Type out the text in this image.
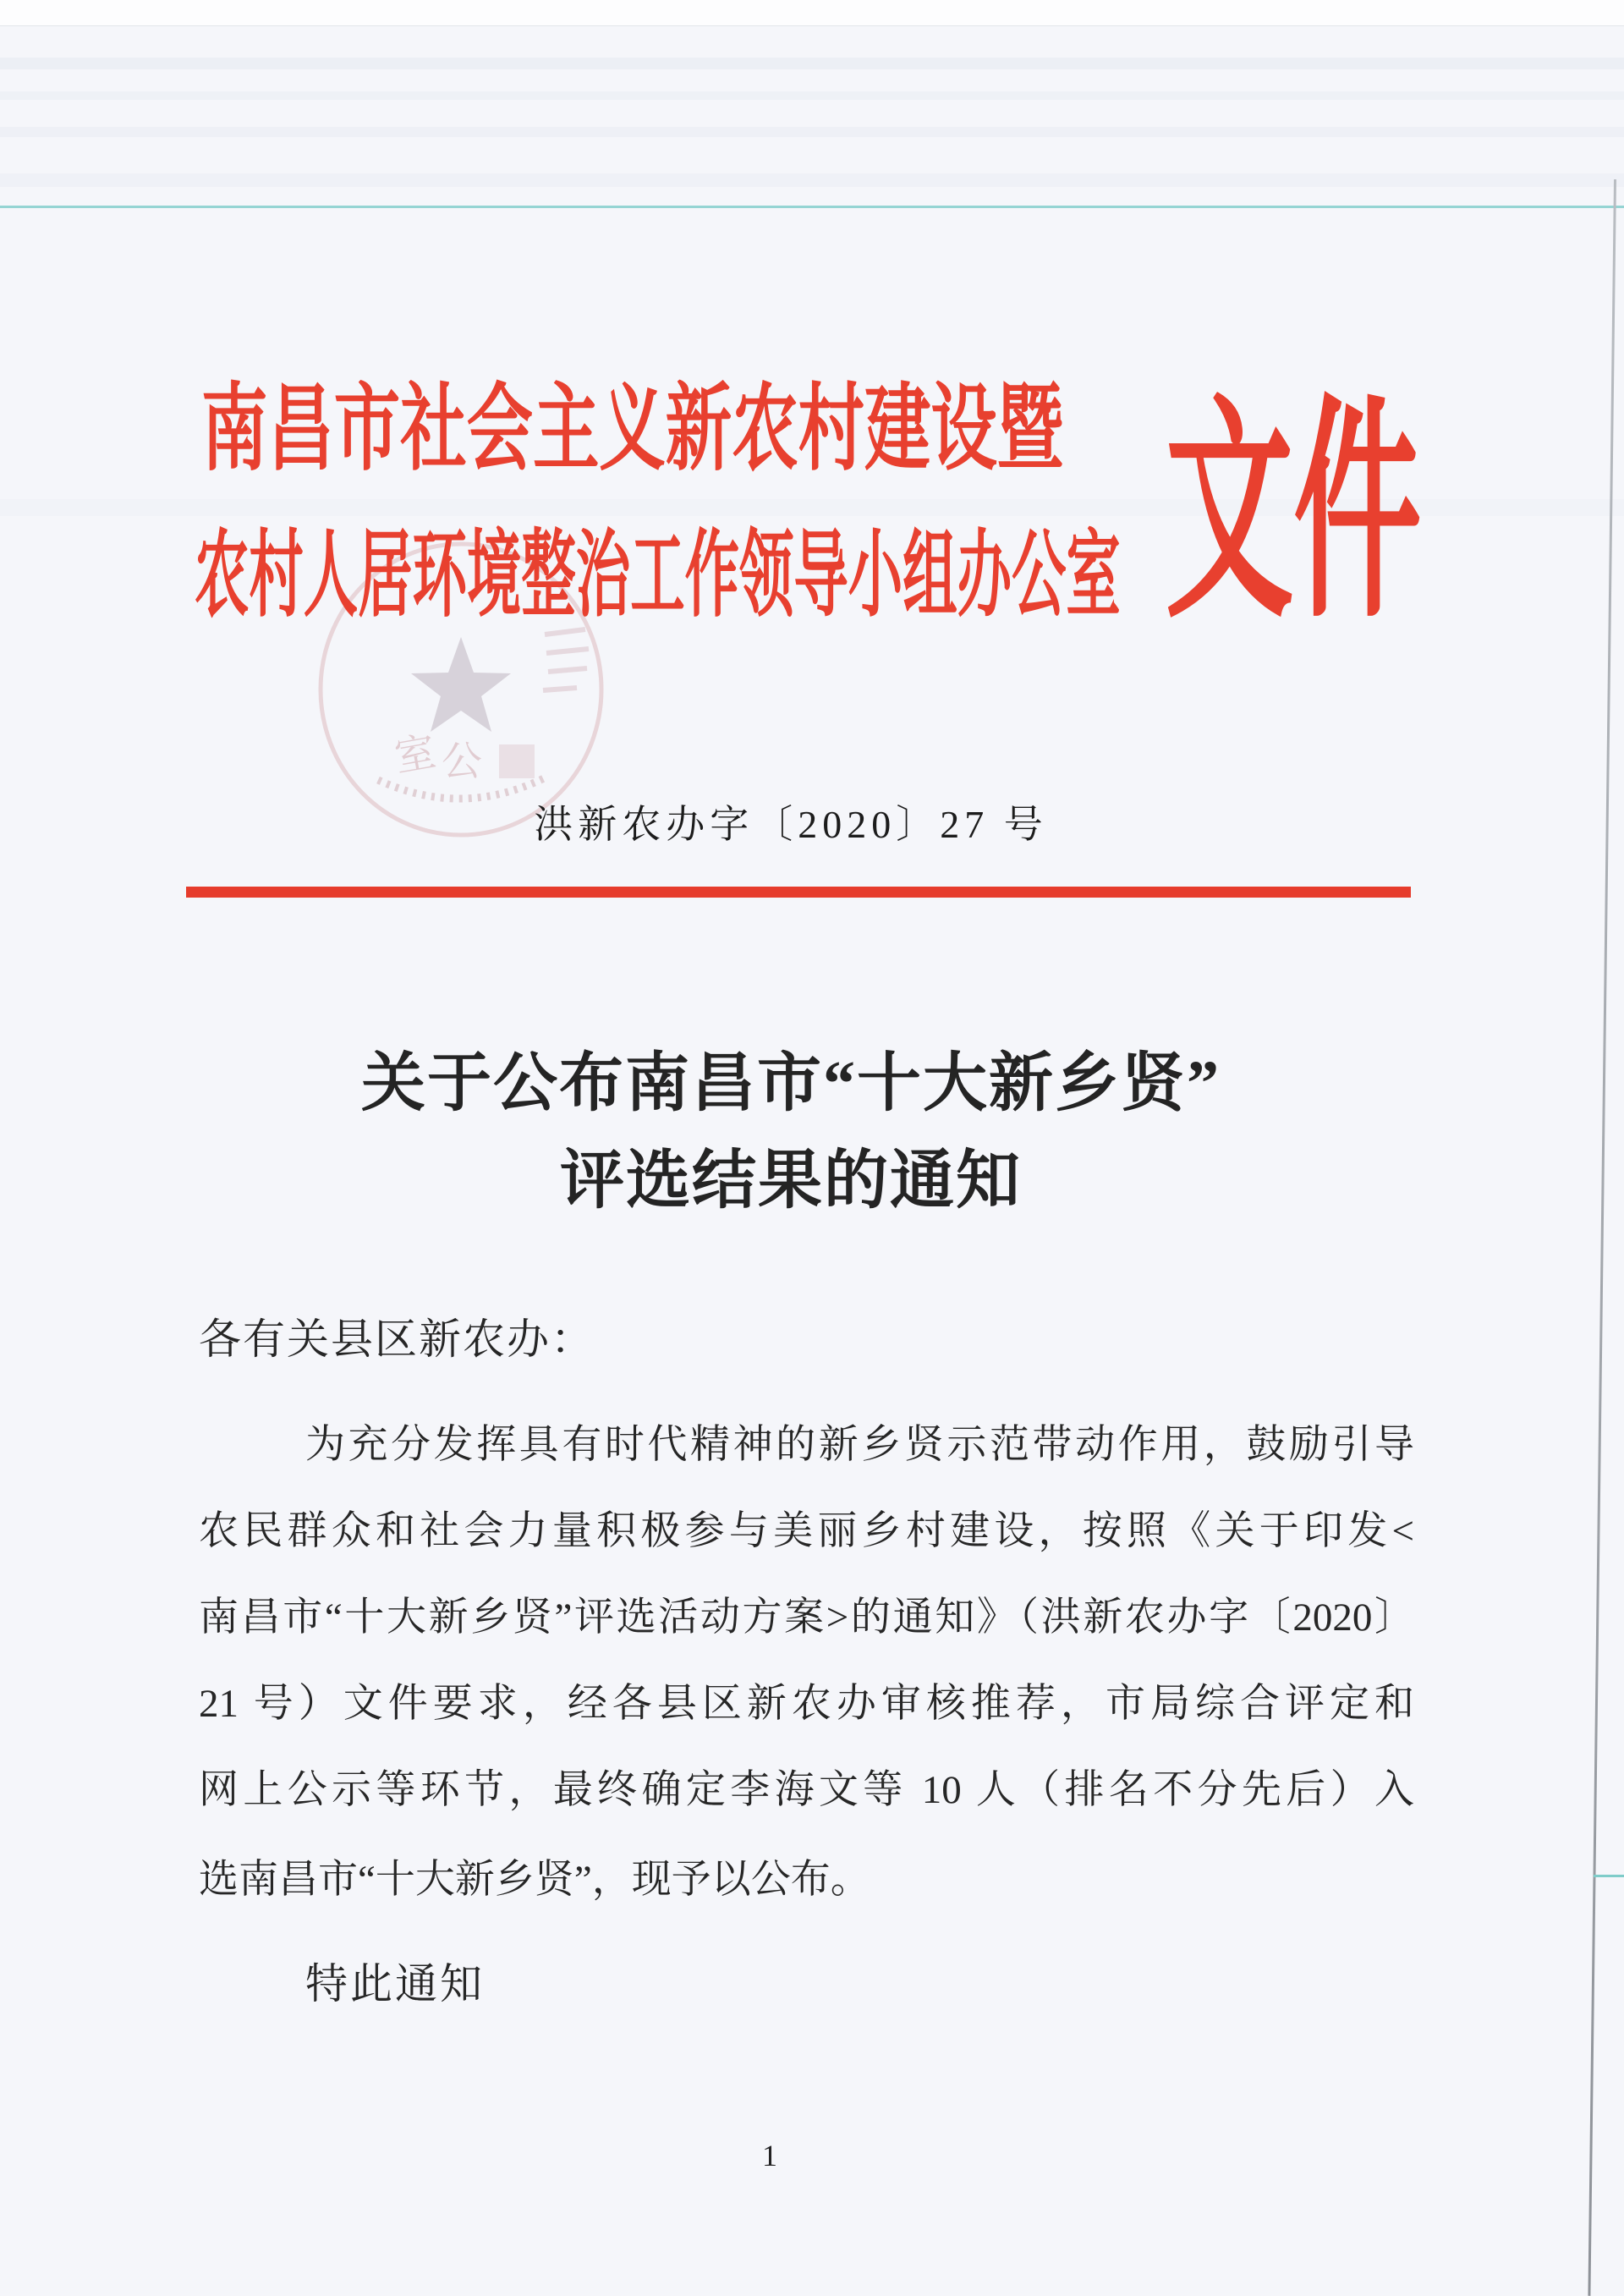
室 公
南昌市社会主义新农村建设暨
农村人居环境整治工作领导小组办公室 文件
洪新农办字〔2020〕27 号
关于公布南昌市“十大新乡贤”
评选结果的通知
各有关县区新农办：
为充分发挥具有时代精神的新乡贤示范带动作用，鼓励引导
农民群众和社会力量积极参与美丽乡村建设，按照《关于印发<
南昌市“十大新乡贤”评选活动方案>的通知》（洪新农办字〔2020〕
21 号）文件要求，经各县区新农办审核推荐，市局综合评定和
网上公示等环节，最终确定李海文等 10 人（排名不分先后）入
选南昌市“十大新乡贤”，现予以公布。
特此通知
1
